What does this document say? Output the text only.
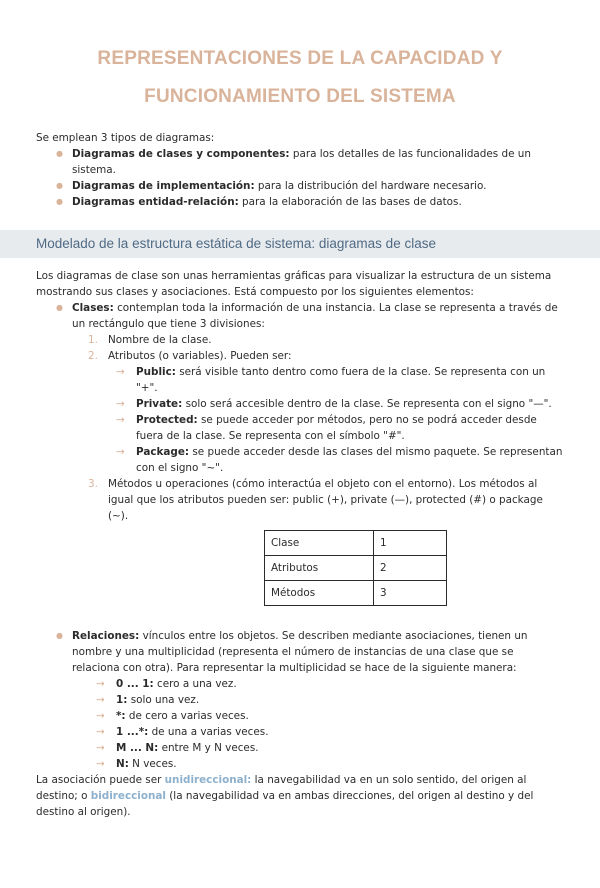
REPRESENTACIONES DE LA CAPACIDAD Y FUNCIONAMIENTO DEL SISTEMA

Se emplean 3 tipos de diagramas:

● Diagramas de clases y componentes: para los detalles de las funcionalidades de un sistema.
● Diagramas de implementación: para la distribución del hardware necesario.
● Diagramas entidad-relación: para la elaboración de las bases de datos.
Modelado de la estructura estática de sistema: diagramas de clase

Los diagramas de clase son unas herramientas gráficas para visualizar la estructura de un sistema mostrando sus clases y asociaciones. Está compuesto por los siguientes elementos:

● Clases: contemplan toda la información de una instancia. La clase se representa a través de un rectángulo que tiene 3 divisiones:
1. Nombre de la clase.
2. Atributos (o variables). Pueden ser:
→ Public: será visible tanto dentro como fuera de la clase. Se representa con un "+".
→ Private: solo será accesible dentro de la clase. Se representa con el signo "—".
→ Protected: se puede acceder por métodos, pero no se podrá acceder desde fuera de la clase. Se representa con el símbolo "#".
→ Package: se puede acceder desde las clases del mismo paquete. Se representan con el signo "~".
3. Métodos u operaciones (cómo interactúa el objeto con el entorno). Los métodos al igual que los atributos pueden ser: public (+), private (—), protected (#) o package (~).
Clase	1
Atributos	2
Métodos	3
● Relaciones: vínculos entre los objetos. Se describen mediante asociaciones, tienen un nombre y una multiplicidad (representa el número de instancias de una clase que se relaciona con otra). Para representar la multiplicidad se hace de la siguiente manera:
→ 0 ... 1: cero a una vez.
→ 1: solo una vez.
→ *: de cero a varias veces.
→ 1 ...*: de una a varias veces.
→ M ... N: entre M y N veces.
→ N: N veces.

La asociación puede ser unidireccional: la navegabilidad va en un solo sentido, del origen al destino; o bidireccional (la navegabilidad va en ambas direcciones, del origen al destino y del destino al origen).
